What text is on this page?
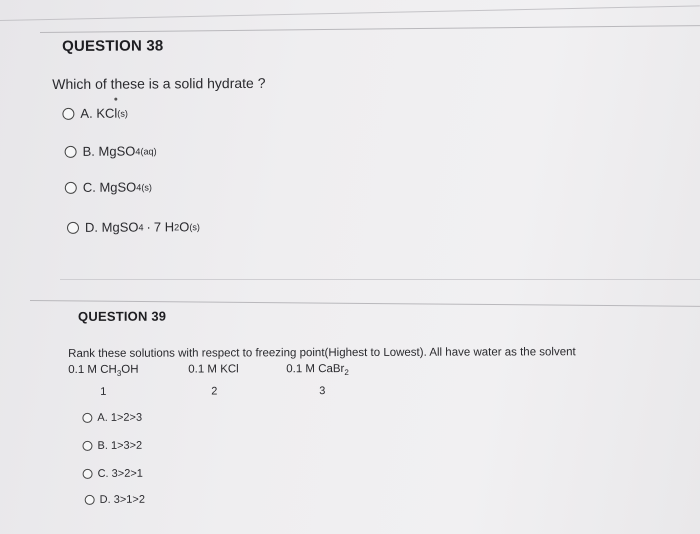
QUESTION 38
Which of these is a solid hydrate ?
A.
KCl (s)
B.
MgSO 4(aq)
C.
MgSO 4(s)
D.
MgSO 4 · 7 H 2 O (s)
QUESTION 39
Rank these solutions with respect to freezing point(Highest to Lowest). All have water as the solvent
0.1 M $CH_3OH$	0.1 M KCl	0.1 M CaBr$_2$
1	2	3
A.
1>2>3
B.
1>3>2
C.
3>2>1
D.
3>1>2
